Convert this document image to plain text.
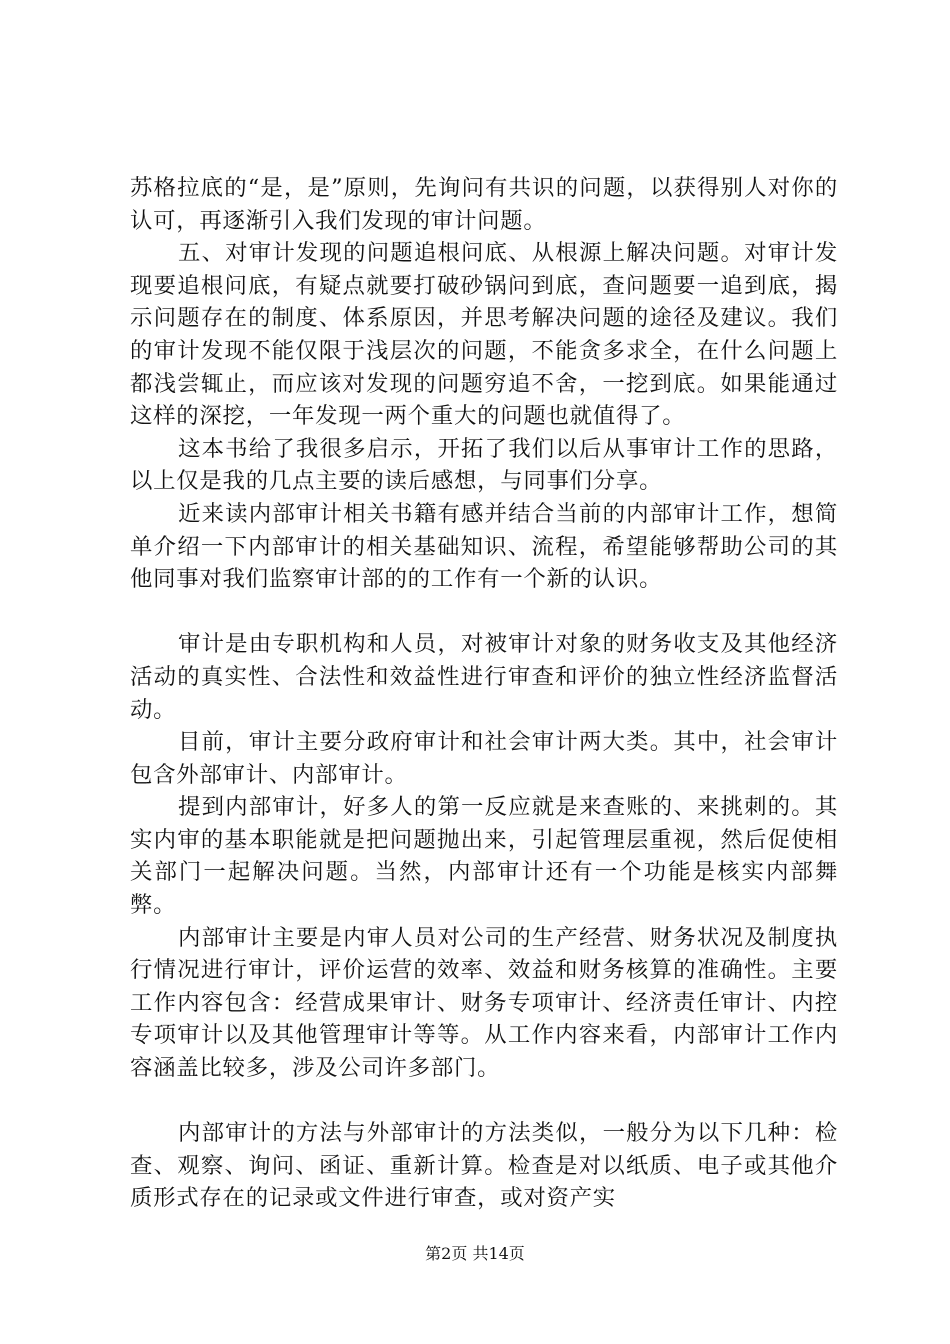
苏格拉底的“是，是”原则，先询问有共识的问题，以获得别人对你的认可，再逐渐引入我们发现的审计问题。

五、对审计发现的问题追根问底、从根源上解决问题。对审计发现要追根问底，有疑点就要打破砂锅问到底，查问题要一追到底，揭示问题存在的制度、体系原因，并思考解决问题的途径及建议。我们的审计发现不能仅限于浅层次的问题，不能贪多求全，在什么问题上都浅尝辄止，而应该对发现的问题穷追不舍，一挖到底。如果能通过这样的深挖，一年发现一两个重大的问题也就值得了。

这本书给了我很多启示，开拓了我们以后从事审计工作的思路，以上仅是我的几点主要的读后感想，与同事们分享。

近来读内部审计相关书籍有感并结合当前的内部审计工作，想简单介绍一下内部审计的相关基础知识、流程，希望能够帮助公司的其他同事对我们监察审计部的的工作有一个新的认识。

审计是由专职机构和人员，对被审计对象的财务收支及其他经济活动的真实性、合法性和效益性进行审查和评价的独立性经济监督活动。

目前，审计主要分政府审计和社会审计两大类。其中，社会审计包含外部审计、内部审计。

提到内部审计，好多人的第一反应就是来查账的、来挑刺的。其实内审的基本职能就是把问题抛出来，引起管理层重视，然后促使相关部门一起解决问题。当然，内部审计还有一个功能是核实内部舞弊。

内部审计主要是内审人员对公司的生产经营、财务状况及制度执行情况进行审计，评价运营的效率、效益和财务核算的准确性。主要工作内容包含：经营成果审计、财务专项审计、经济责任审计、内控专项审计以及其他管理审计等等。从工作内容来看，内部审计工作内容涵盖比较多，涉及公司许多部门。

内部审计的方法与外部审计的方法类似，一般分为以下几种：检查、观察、询问、函证、重新计算。检查是对以纸质、电子或其他介质形式存在的记录或文件进行审查，或对资产实

第2页 共14页
